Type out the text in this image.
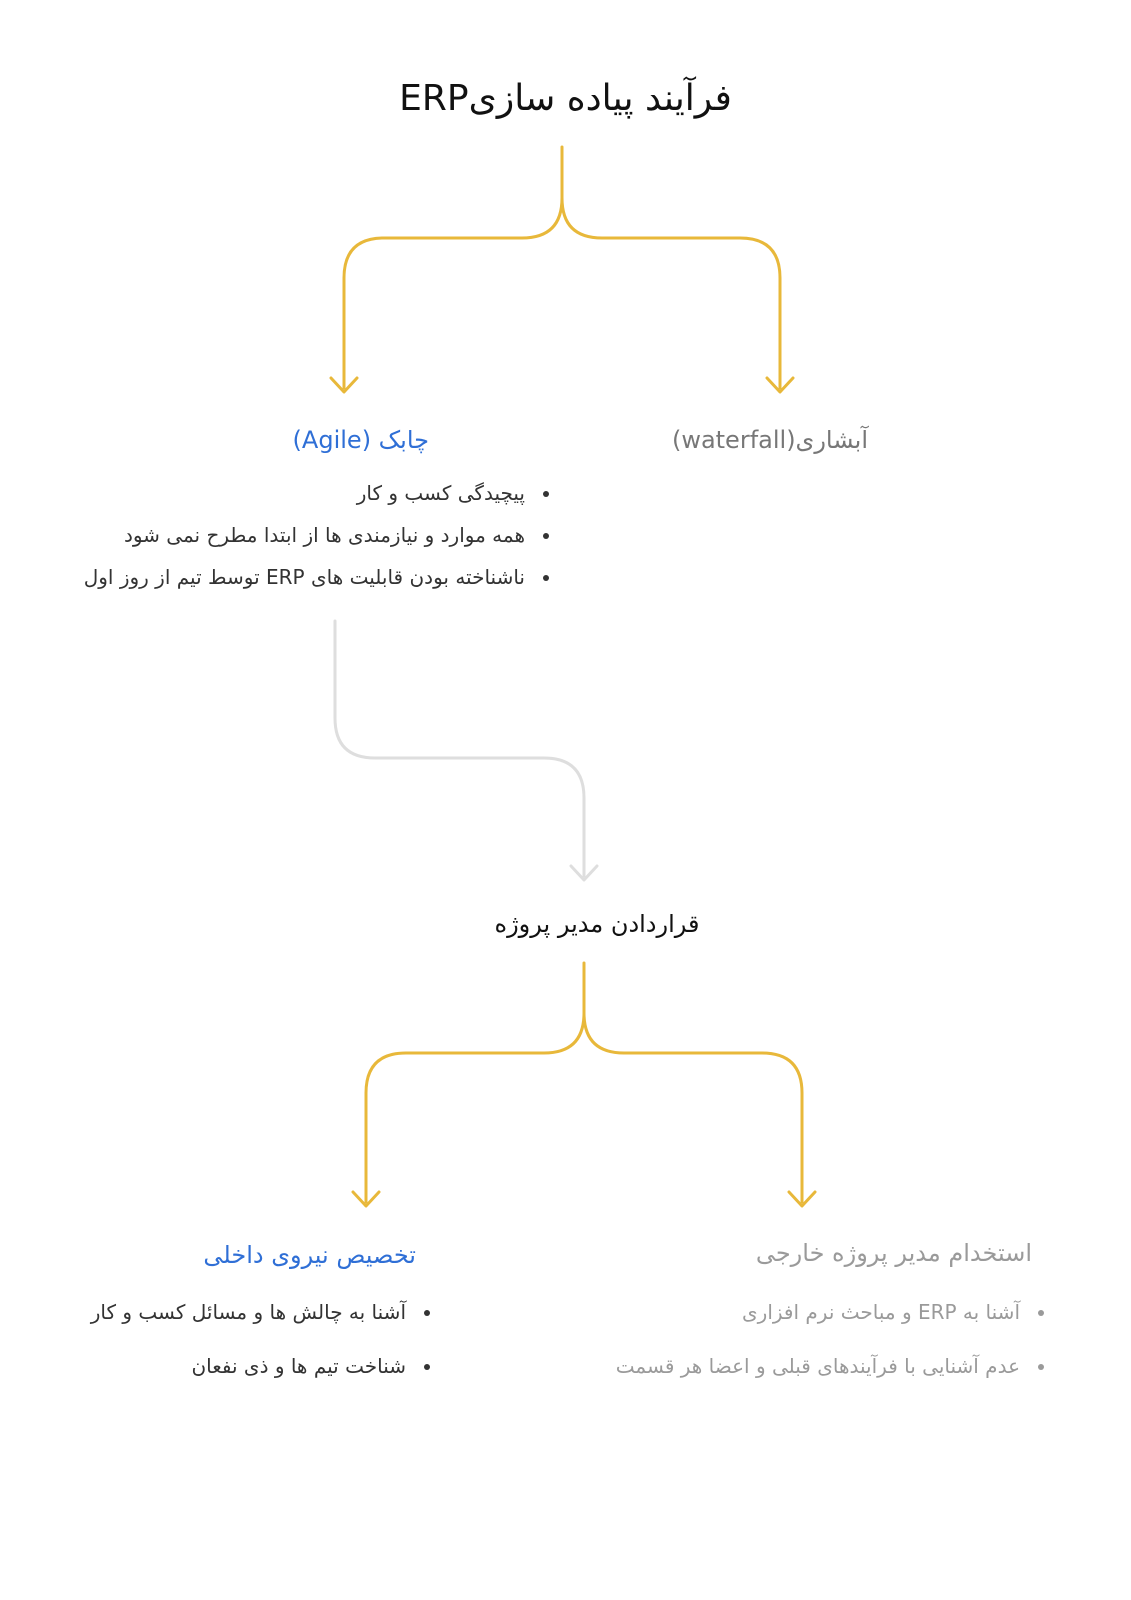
فرآیند پیاده سازیERP
چابک (Agile)	آبشاری(waterfall)
پیچیدگی کسب و کار
همه موارد و نیازمندی ها از ابتدا مطرح نمی شود
ناشناخته بودن قابلیت های ERP توسط تیم از روز اول
قراردادن مدیر پروژه
تخصیص نیروی داخلی	استخدام مدیر پروژه خارجی
آشنا به چالش ها و مسائل کسب و کار
شناخت تیم ها و ذی نفعان
آشنا به ERP و مباحث نرم افزاری
عدم آشنایی با فرآیندهای قبلی و اعضا هر قسمت
